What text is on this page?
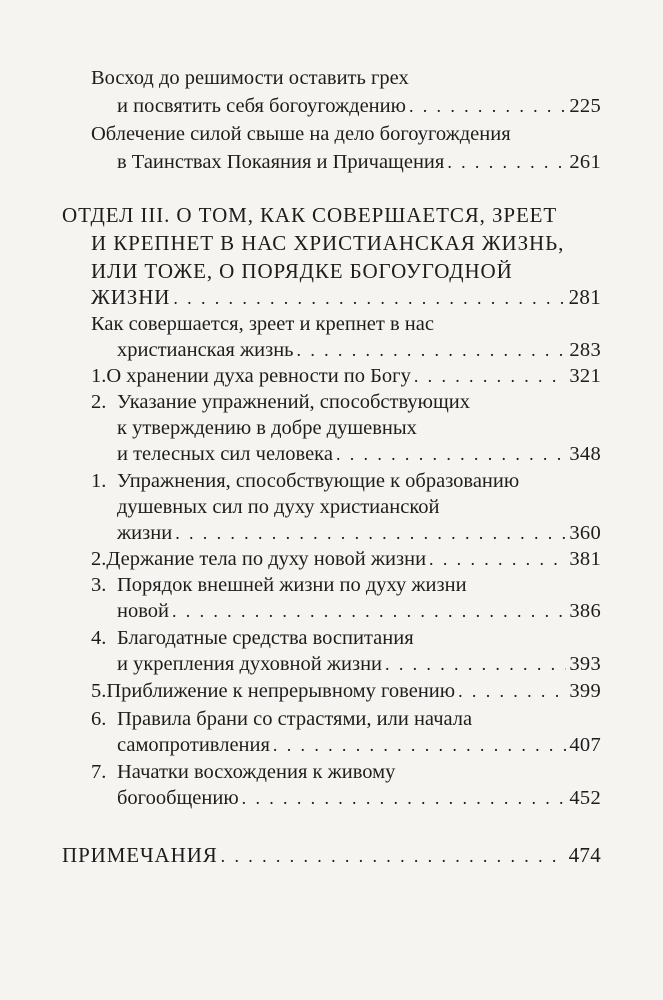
Восход до решимости оставить грех
и посвятить себя богоугождению . . .	225
Облечение силой свыше на дело богоугождения
в Таинствах Покаяния и Причащения . . .	261
ОТДЕЛ III. О ТОМ, КАК СОВЕРШАЕТСЯ, ЗРЕЕТ
И КРЕПНЕТ В НАС ХРИСТИАНСКАЯ ЖИЗНЬ,
ИЛИ ТОЖЕ, О ПОРЯДКЕ БОГОУГОДНОЙ
ЖИЗНИ . . .	281
Как совершается, зреет и крепнет в нас
христианская жизнь . . .	283
1. О хранении духа ревности по Богу . . .	321
2. Указание упражнений, способствующих
к утверждению в добре душевных
и телесных сил человека . . .	348
1. Упражнения, способствующие к образованию
душевных сил по духу христианской
жизни . . .	360
2. Держание тела по духу новой жизни . . .	381
3. Порядок внешней жизни по духу жизни
новой . . .	386
4. Благодатные средства воспитания
и укрепления духовной жизни . . .	393
5. Приближение к непрерывному говению . . .	399
6. Правила брани со страстями, или начала
самопротивления . . .	407
7. Начатки восхождения к живому
богообщению . . .	452
ПРИМЕЧАНИЯ . . .	474
